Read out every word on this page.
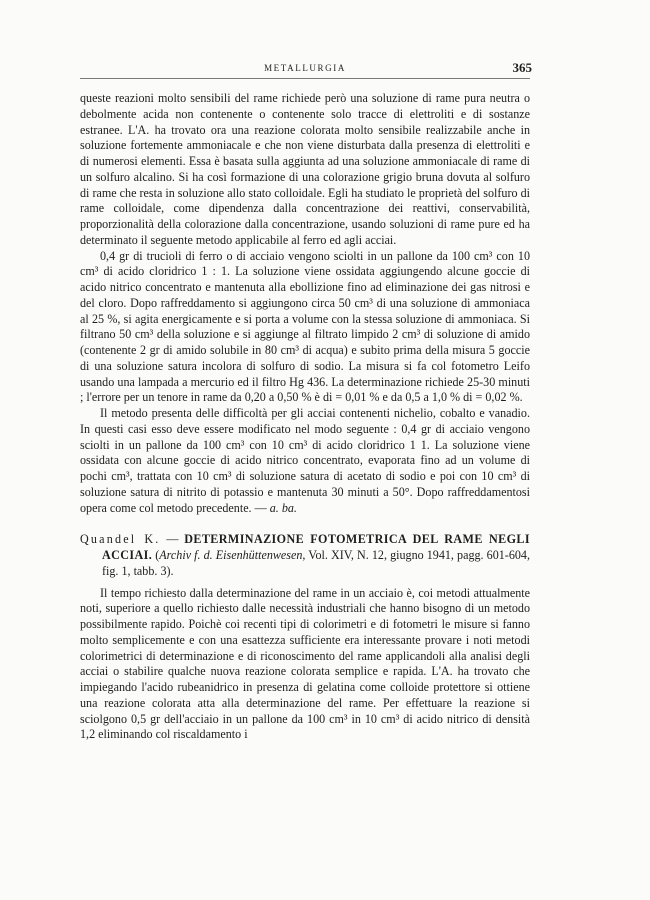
METALLURGIA	365

queste reazioni molto sensibili del rame richiede però una soluzione di rame pura neutra o debolmente acida non contenente o contenente solo tracce di elettroliti e di sostanze estranee. L'A. ha trovato ora una reazione colorata molto sensibile realizzabile anche in soluzione fortemente ammoniacale e che non viene disturbata dalla presenza di elettroliti e di numerosi elementi. Essa è basata sulla aggiunta ad una soluzione ammoniacale di rame di un solfuro alcalino. Si ha così formazione di una colorazione grigio bruna dovuta al solfuro di rame che resta in soluzione allo stato colloidale. Egli ha studiato le proprietà del solfuro di rame colloidale, come dipendenza dalla concentrazione dei reattivi, conservabilità, proporzionalità della colorazione dalla concentrazione, usando soluzioni di rame pure ed ha determinato il seguente metodo applicabile al ferro ed agli acciai.

0,4 gr di trucioli di ferro o di acciaio vengono sciolti in un pallone da 100 cm³ con 10 cm³ di acido cloridrico 1 : 1. La soluzione viene ossidata aggiungendo alcune goccie di acido nitrico concentrato e mantenuta alla ebollizione fino ad eliminazione dei gas nitrosi e del cloro. Dopo raffreddamento si aggiungono circa 50 cm³ di una soluzione di ammoniaca al 25 %, si agita energicamente e si porta a volume con la stessa soluzione di ammoniaca. Si filtrano 50 cm³ della soluzione e si aggiunge al filtrato limpido 2 cm³ di soluzione di amido (contenente 2 gr di amido solubile in 80 cm³ di acqua) e subito prima della misura 5 goccie di una soluzione satura incolora di solfuro di sodio. La misura si fa col fotometro Leifo usando una lampada a mercurio ed il filtro Hg 436. La determinazione richiede 25-30 minuti ; l'errore per un tenore in rame da 0,20 a 0,50 % è di = 0,01 % e da 0,5 a 1,0 % di = 0,02 %.

Il metodo presenta delle difficoltà per gli acciai contenenti nichelio, cobalto e vanadio. In questi casi esso deve essere modificato nel modo seguente : 0,4 gr di acciaio vengono sciolti in un pallone da 100 cm³ con 10 cm³ di acido cloridrico 1 1. La soluzione viene ossidata con alcune goccie di acido nitrico concentrato, evaporata fino ad un volume di pochi cm³, trattata con 10 cm³ di soluzione satura di acetato di sodio e poi con 10 cm³ di soluzione satura di nitrito di potassio e mantenuta 30 minuti a 50°. Dopo raffreddamentosi opera come col metodo precedente. — a. ba.

Quandel K. — DETERMINAZIONE FOTOMETRICA DEL RAME NEGLI ACCIAI. (Archiv f. d. Eisenhüttenwesen, Vol. XIV, N. 12, giugno 1941, pagg. 601-604, fig. 1, tabb. 3).

Il tempo richiesto dalla determinazione del rame in un acciaio è, coi metodi attualmente noti, superiore a quello richiesto dalle necessità industriali che hanno bisogno di un metodo possibilmente rapido. Poichè coi recenti tipi di colorimetri e di fotometri le misure si fanno molto semplicemente e con una esattezza sufficiente era interessante provare i noti metodi colorimetrici di determinazione e di riconoscimento del rame applicandoli alla analisi degli acciai o stabilire qualche nuova reazione colorata semplice e rapida. L'A. ha trovato che impiegando l'acido rubeanidrico in presenza di gelatina come colloide protettore si ottiene una reazione colorata atta alla determinazione del rame. Per effettuare la reazione si sciolgono 0,5 gr dell'acciaio in un pallone da 100 cm³ in 10 cm³ di acido nitrico di densità 1,2 eliminando col riscaldamento i
